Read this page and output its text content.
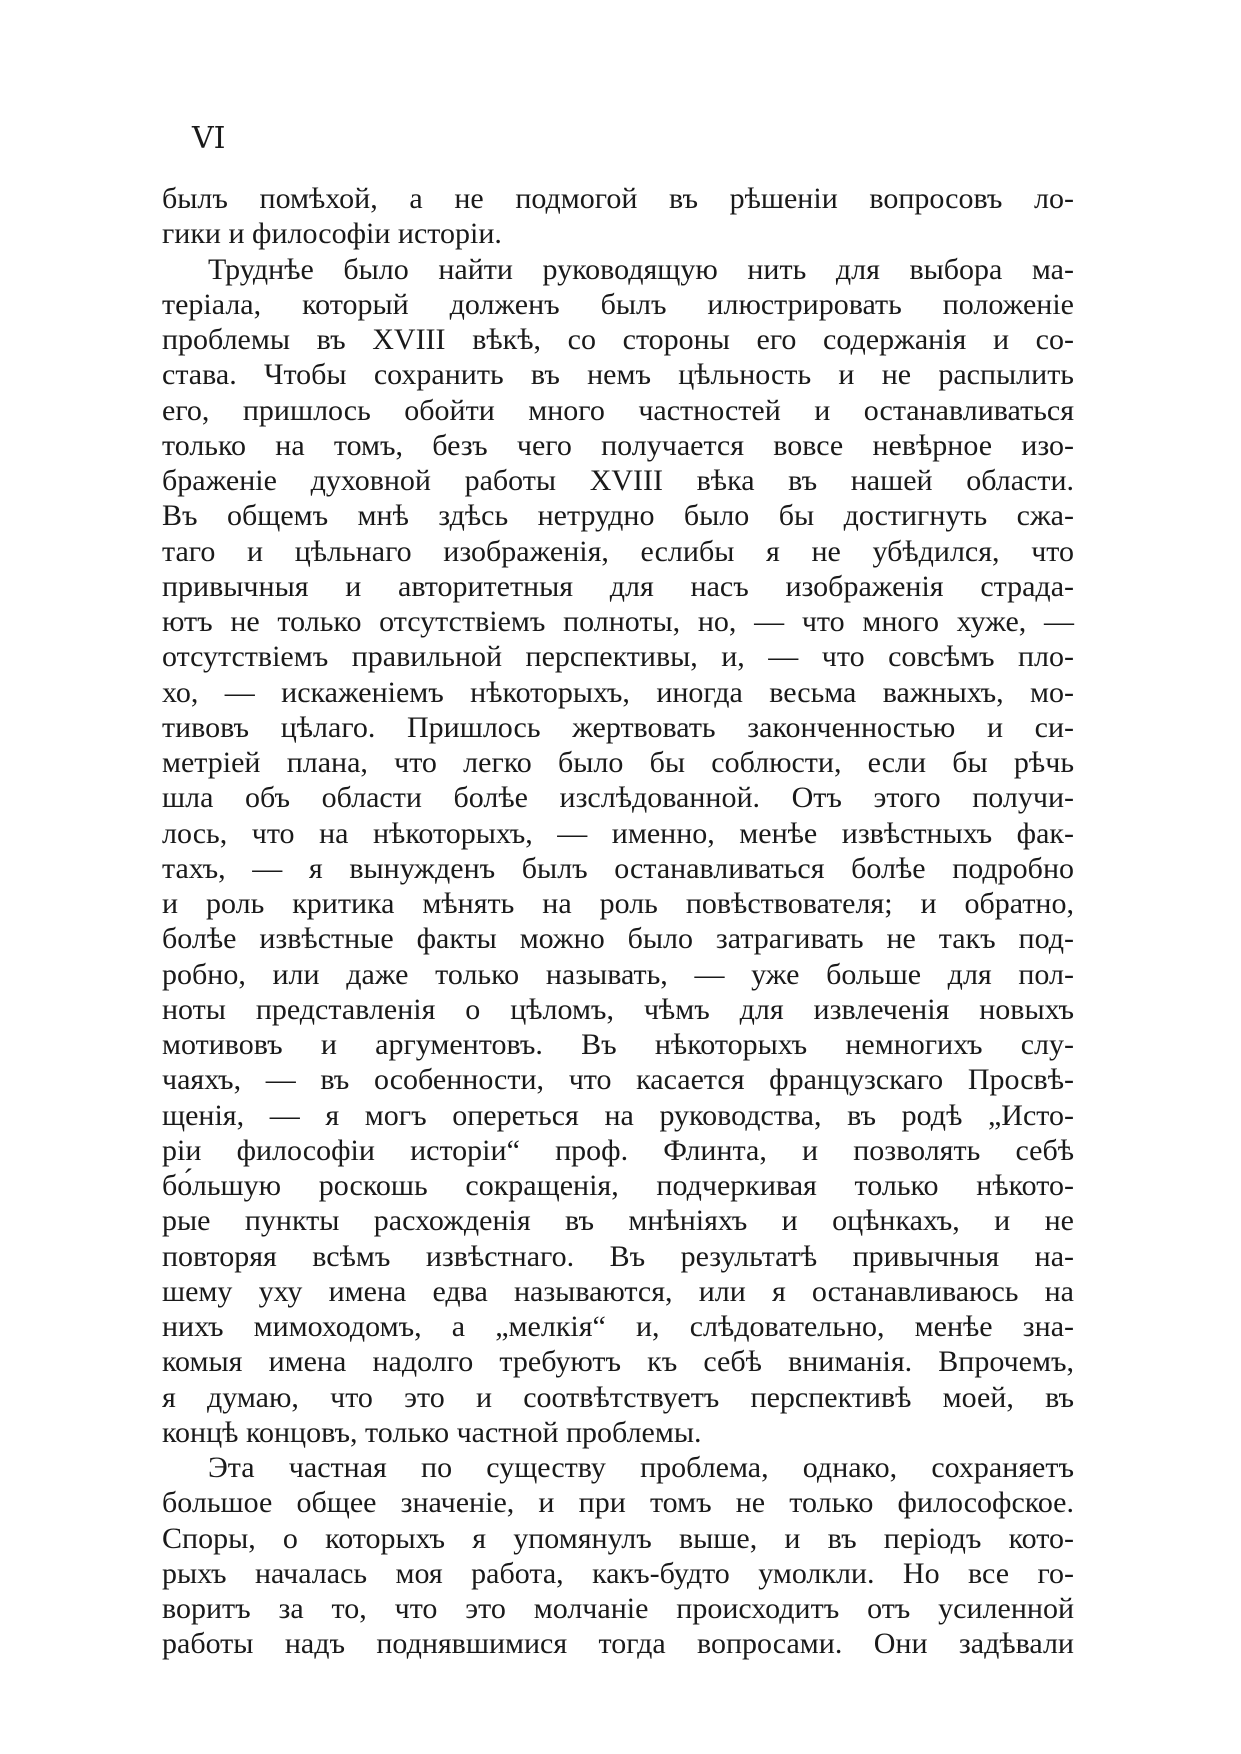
VI
былъ помѣхой, а не подмогой въ рѣшеніи вопросовъ ло-
гики и философіи исторіи.
Труднѣе было найти руководящую нить для выбора ма-
теріала, который долженъ былъ илюстрировать положеніе
проблемы въ XVIII вѣкѣ, со стороны его содержанія и со-
става. Чтобы сохранить въ немъ цѣльность и не распылить
его, пришлось обойти много частностей и останавливаться
только на томъ, безъ чего получается вовсе невѣрное изо-
браженіе духовной работы XVIII вѣка въ нашей области.
Въ общемъ мнѣ здѣсь нетрудно было бы достигнуть сжа-
таго и цѣльнаго изображенія, еслибы я не убѣдился, что
привычныя и авторитетныя для насъ изображенія страда-
ютъ не только отсутствіемъ полноты, но, — что много хуже, —
отсутствіемъ правильной перспективы, и, — что совсѣмъ пло-
хо, — искаженіемъ нѣкоторыхъ, иногда весьма важныхъ, мо-
тивовъ цѣлаго. Пришлось жертвовать законченностью и си-
метріей плана, что легко было бы соблюсти, если бы рѣчь
шла объ области болѣе изслѣдованной. Отъ этого получи-
лось, что на нѣкоторыхъ, — именно, менѣе извѣстныхъ фак-
тахъ, — я вынужденъ былъ останавливаться болѣе подробно
и роль критика мѣнять на роль повѣствователя; и обратно,
болѣе извѣстные факты можно было затрагивать не такъ под-
робно, или даже только называть, — уже больше для пол-
ноты представленія о цѣломъ, чѣмъ для извлеченія новыхъ
мотивовъ и аргументовъ. Въ нѣкоторыхъ немногихъ слу-
чаяхъ, — въ особенности, что касается французскаго Просвѣ-
щенія, — я могъ опереться на руководства, въ родѣ „Исто-
ріи философіи исторіи“ проф. Флинта, и позволять себѣ
бо́льшую роскошь сокращенія, подчеркивая только нѣкото-
рые пункты расхожденія въ мнѣніяхъ и оцѣнкахъ, и не
повторяя всѣмъ извѣстнаго. Въ результатѣ привычныя на-
шему уху имена едва называются, или я останавливаюсь на
нихъ мимоходомъ, а „мелкія“ и, слѣдовательно, менѣе зна-
комыя имена надолго требуютъ къ себѣ вниманія. Впрочемъ,
я думаю, что это и соотвѣтствуетъ перспективѣ моей, въ
концѣ концовъ, только частной проблемы.
Эта частная по существу проблема, однако, сохраняетъ
большое общее значеніе, и при томъ не только философское.
Споры, о которыхъ я упомянулъ выше, и въ періодъ кото-
рыхъ началась моя работа, какъ-будто умолкли. Но все го-
воритъ за то, что это молчаніе происходитъ отъ усиленной
работы надъ поднявшимися тогда вопросами. Они задѣвали
